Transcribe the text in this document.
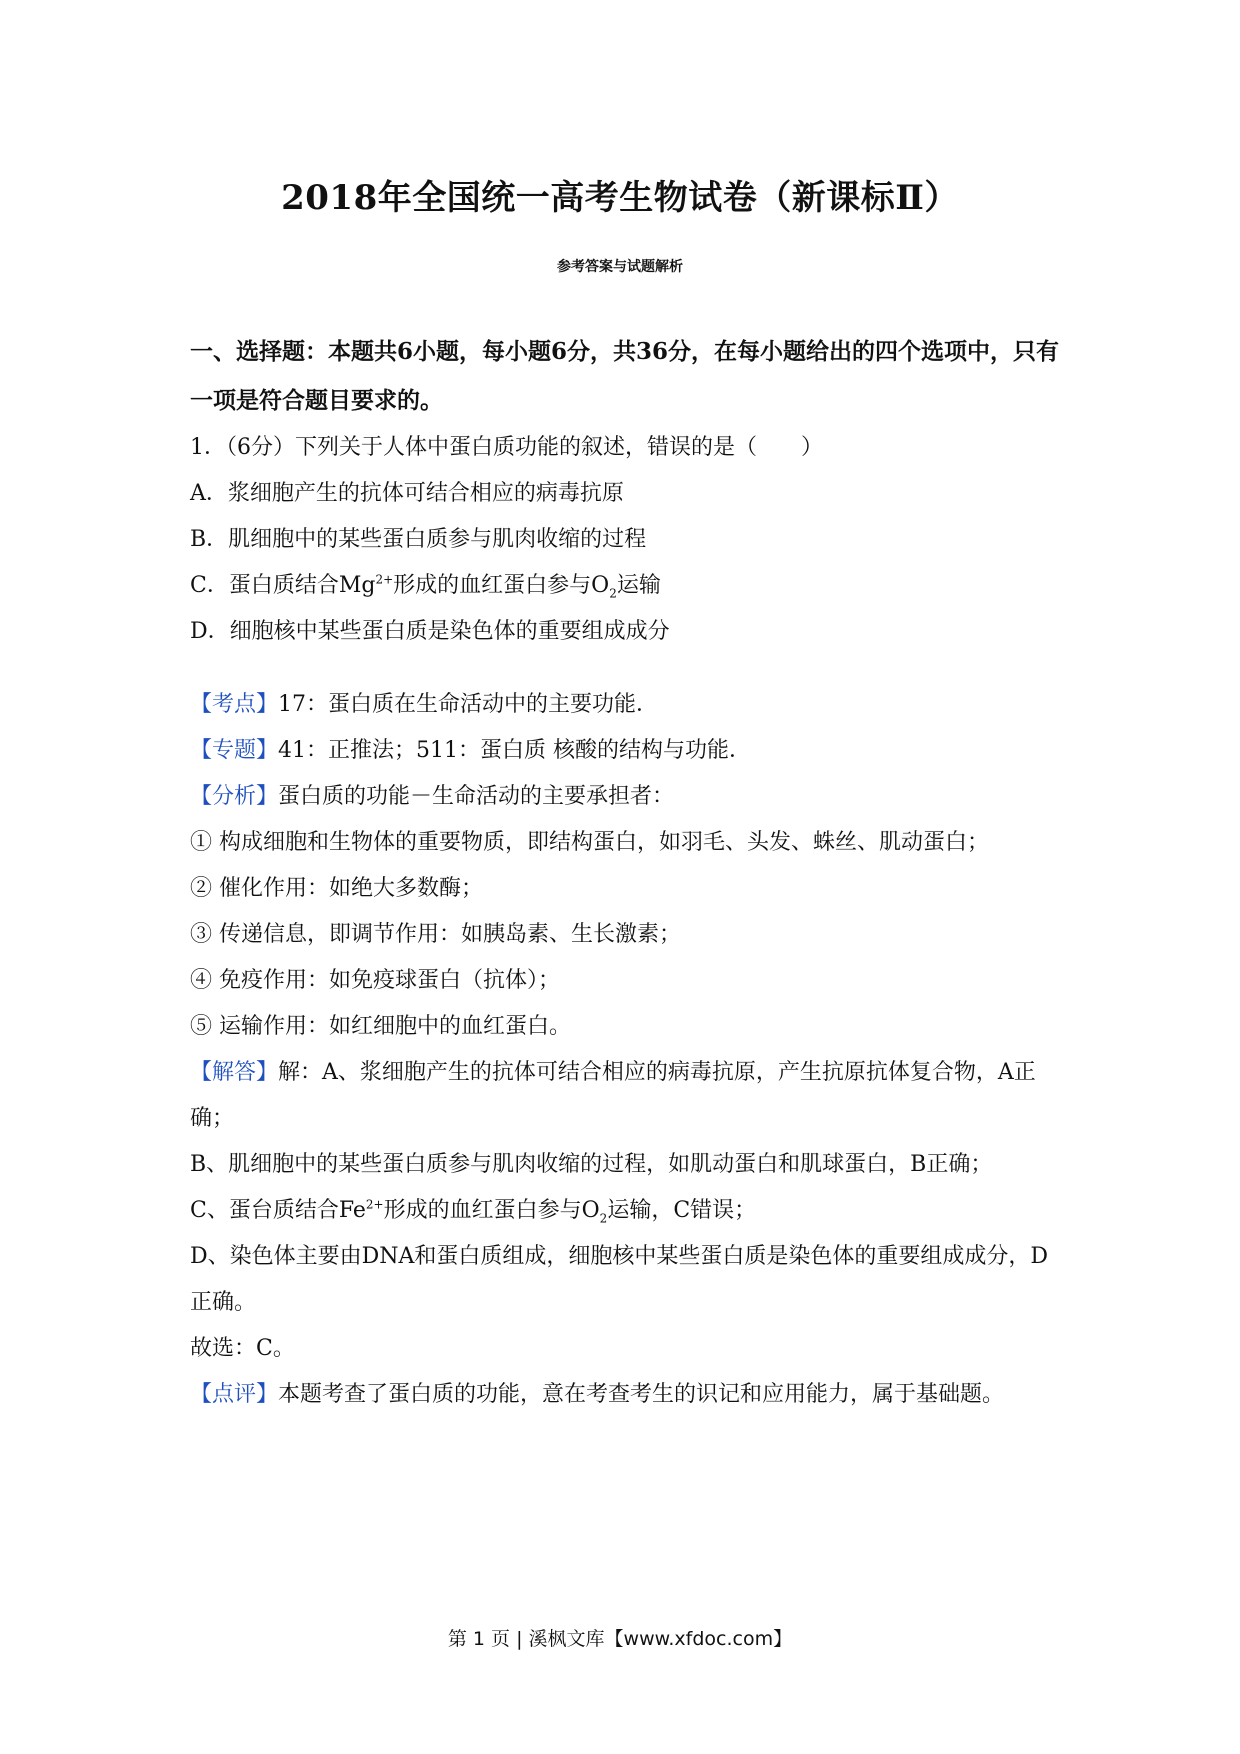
2018年全国统一高考生物试卷（新课标Ⅱ）
参考答案与试题解析

一、选择题：本题共6小题，每小题6分，共36分，在每小题给出的四个选项中，只有一项是符合题目要求的。

1．（6分）下列关于人体中蛋白质功能的叙述，错误的是（　　）

A．浆细胞产生的抗体可结合相应的病毒抗原

B．肌细胞中的某些蛋白质参与肌肉收缩的过程

C．蛋白质结合$Mg^{2+}$形成的血红蛋白参与$O_2$运输

D．细胞核中某些蛋白质是染色体的重要组成成分

【考点】17：蛋白质在生命活动中的主要功能．

【专题】41：正推法；511：蛋白质 核酸的结构与功能．

【分析】蛋白质的功能－生命活动的主要承担者：

① 构成细胞和生物体的重要物质，即结构蛋白，如羽毛、头发、蛛丝、肌动蛋白；

② 催化作用：如绝大多数酶；

③ 传递信息，即调节作用：如胰岛素、生长激素；

④ 免疫作用：如免疫球蛋白（抗体）；

⑤ 运输作用：如红细胞中的血红蛋白。

【解答】解：A、浆细胞产生的抗体可结合相应的病毒抗原，产生抗原抗体复合物，A正确；

B、肌细胞中的某些蛋白质参与肌肉收缩的过程，如肌动蛋白和肌球蛋白，B正确；

C、蛋台质结合$Fe^{2+}$形成的血红蛋白参与$O_2$运输，C错误；

D、染色体主要由DNA和蛋白质组成，细胞核中某些蛋白质是染色体的重要组成成分，D正确。

故选：C。

【点评】本题考查了蛋白质的功能，意在考查考生的识记和应用能力，属于基础题。

第 1 页 | 溪枫文库【www.xfdoc.com】
